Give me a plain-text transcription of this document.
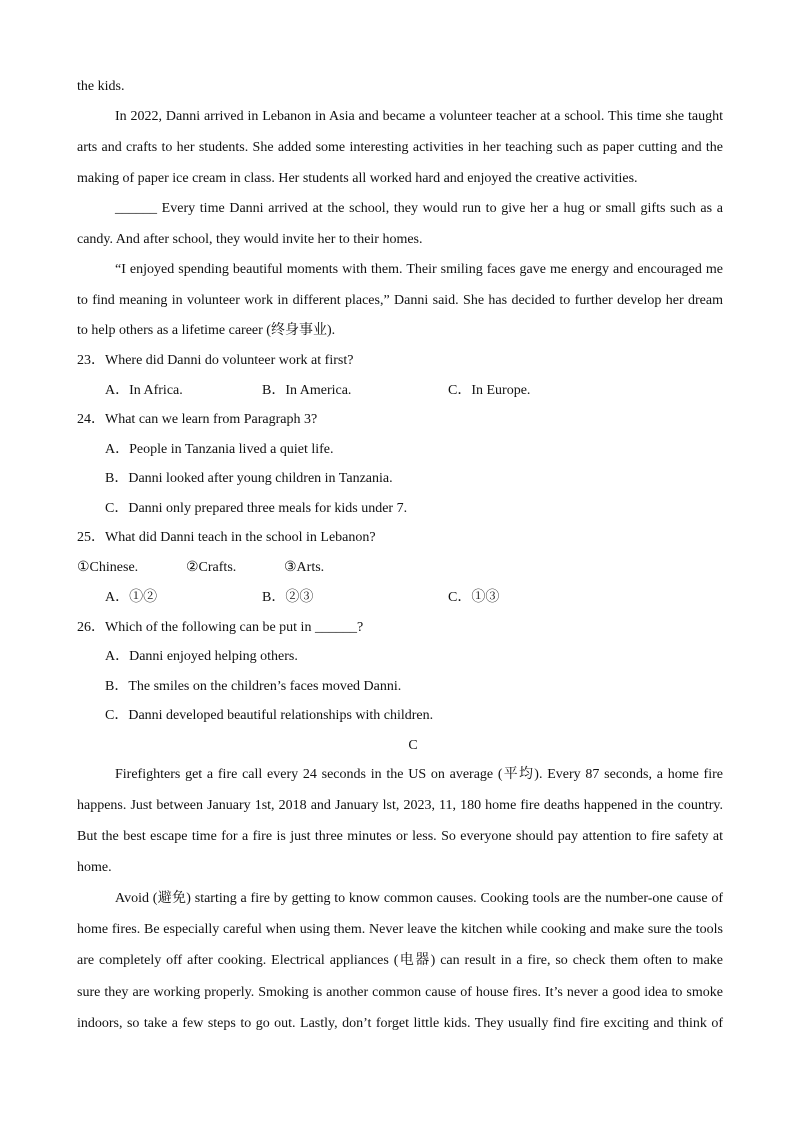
the kids.
In 2022, Danni arrived in Lebanon in Asia and became a volunteer teacher at a school. This time she taught
arts and crafts to her students. She added some interesting activities in her teaching such as paper cutting and the
making of paper ice cream in class. Her students all worked hard and enjoyed the creative activities.
______ Every time Danni arrived at the school, they would run to give her a hug or small gifts such as a
candy. And after school, they would invite her to their homes.
“I enjoyed spending beautiful moments with them. Their smiling faces gave me energy and encouraged me
to find meaning in volunteer work in different places,” Danni said. She has decided to further develop her dream
to help others as a lifetime career (终身事业).
23．Where did Danni do volunteer work at first?
A．In Africa.	B．In America.	C．In Europe.
24．What can we learn from Paragraph 3?
A．People in Tanzania lived a quiet life.
B．Danni looked after young children in Tanzania.
C．Danni only prepared three meals for kids under 7.
25．What did Danni teach in the school in Lebanon?
①Chinese.	②Crafts.	③Arts.
A．①②	B．②③	C．①③
26．Which of the following can be put in ______?
A．Danni enjoyed helping others.
B．The smiles on the children’s faces moved Danni.
C．Danni developed beautiful relationships with children.
C
Firefighters get a fire call every 24 seconds in the US on average (平均). Every 87 seconds, a home fire
happens. Just between January 1st, 2018 and January lst, 2023, 11, 180 home fire deaths happened in the country.
But the best escape time for a fire is just three minutes or less. So everyone should pay attention to fire safety at
home.
Avoid (避免) starting a fire by getting to know common causes. Cooking tools are the number-one cause of
home fires. Be especially careful when using them. Never leave the kitchen while cooking and make sure the tools
are completely off after cooking. Electrical appliances (电器) can result in a fire, so check them often to make
sure they are working properly. Smoking is another common cause of house fires. It’s never a good idea to smoke
indoors, so take a few steps to go out. Lastly, don’t forget little kids. They usually find fire exciting and think of
